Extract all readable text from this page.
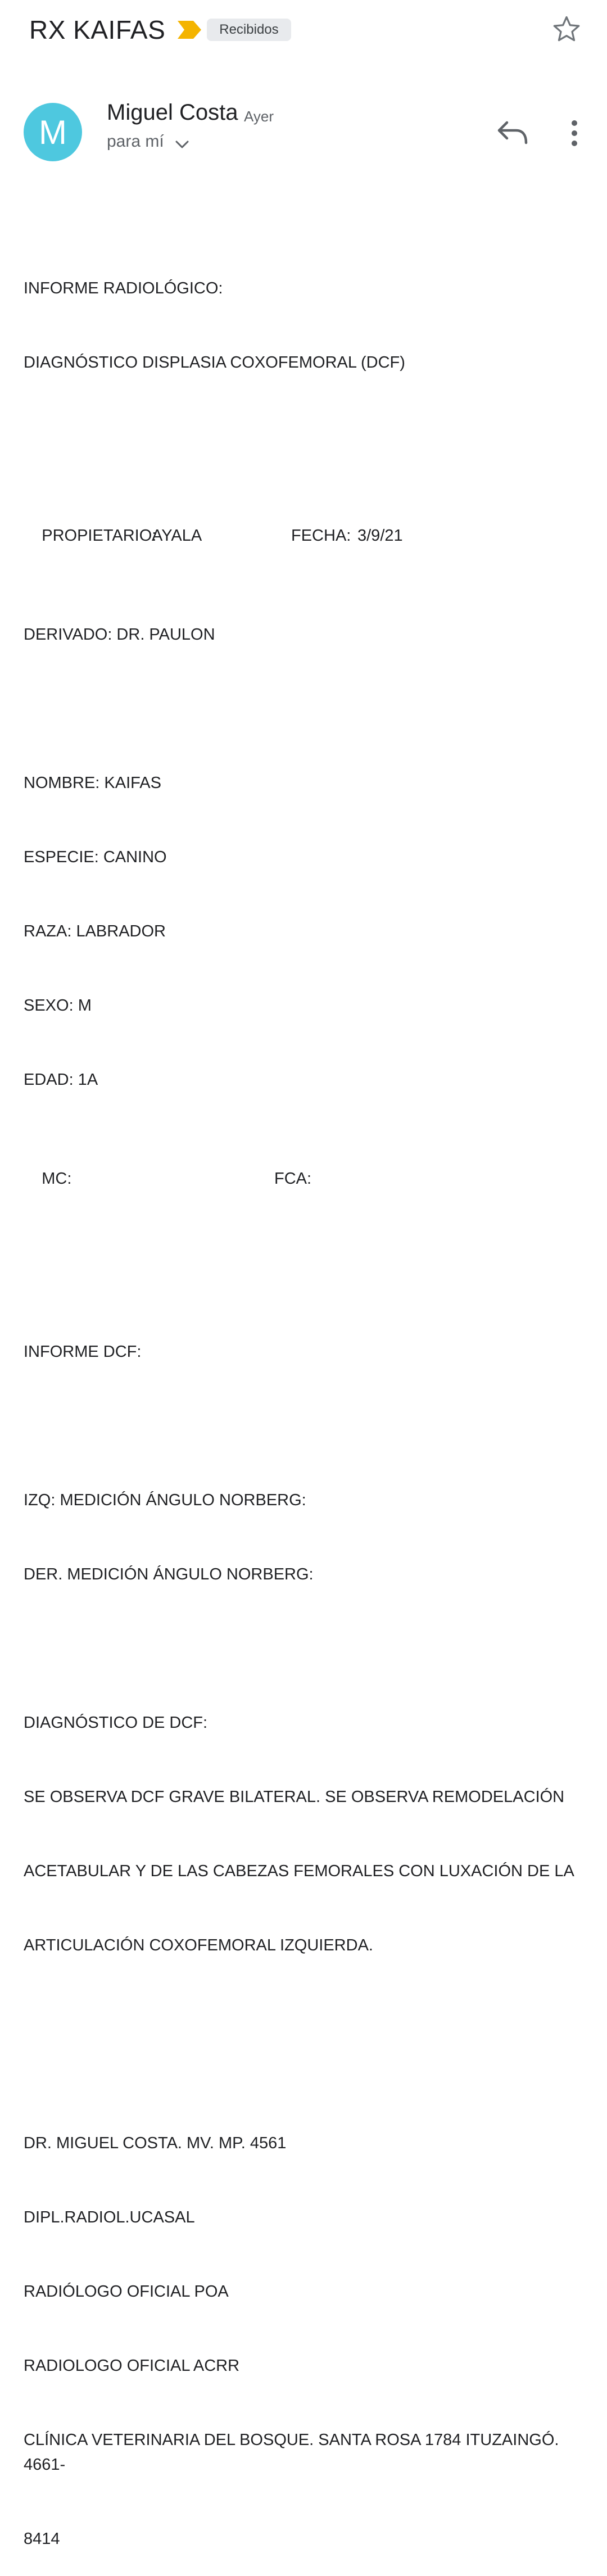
RX KAIFAS	Recibidos
M
Miguel Costa Ayer
para mí

INFORME RADIOLÓGICO:

DIAGNÓSTICO DISPLASIA COXOFEMORAL (DCF)

PROPIETARIO:
AYALA	FECHA: 3/9/21

DERIVADO: DR. PAULON

NOMBRE: KAIFAS

ESPECIE: CANINO

RAZA: LABRADOR

SEXO: M

EDAD: 1A

MC:	FCA:

INFORME DCF:

IZQ: MEDICIÓN ÁNGULO NORBERG:

DER. MEDICIÓN ÁNGULO NORBERG:

DIAGNÓSTICO DE DCF:

SE OBSERVA DCF GRAVE BILATERAL. SE OBSERVA REMODELACIÓN

ACETABULAR Y DE LAS CABEZAS FEMORALES CON LUXACIÓN DE LA

ARTICULACIÓN COXOFEMORAL IZQUIERDA.

DR. MIGUEL COSTA. MV. MP. 4561

DIPL.RADIOL.UCASAL

RADIÓLOGO OFICIAL POA

RADIOLOGO OFICIAL ACRR

CLÍNICA VETERINARIA DEL BOSQUE. SANTA ROSA 1784 ITUZAINGÓ. 4661-

8414
